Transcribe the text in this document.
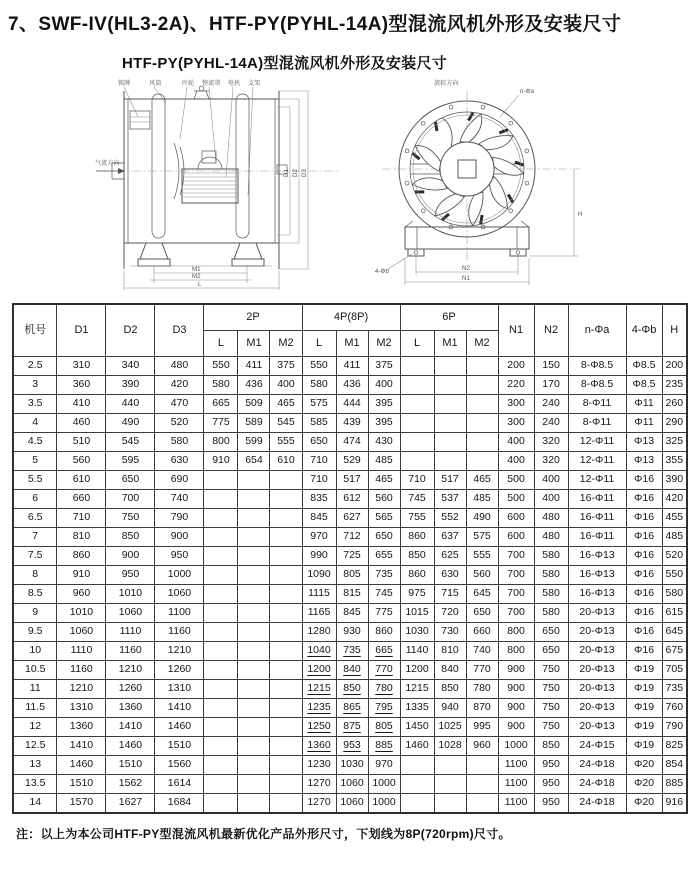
7、SWF-IV(HL3-2A)、HTF-PY(PYHL-14A)型混流风机外形及安装尺寸
HTF-PY(PYHL-14A)型混流风机外形及安装尺寸
铭牌	风筒	叶轮 整流罩 电机 支架
气流方向
D1 D2 D3
M1
M2
L
旋转方向
n-Φa
H
4-Φb	N2
N1
机号	D1	D2	D3	2P			4P(8P)			6P			N1	N2	n-Φa	4-Φb	H
				L	M1	M2	L	M1	M2	L	M1	M2					
2.5	310	340	480	550	411	375	550	411	375				200	150	8-Φ8.5	Φ8.5	200
3	360	390	420	580	436	400	580	436	400				220	170	8-Φ8.5	Φ8.5	235
3.5	410	440	470	665	509	465	575	444	395				300	240	8-Φ11	Φ11	260
4	460	490	520	775	589	545	585	439	395				300	240	8-Φ11	Φ11	290
4.5	510	545	580	800	599	555	650	474	430				400	320	12-Φ11	Φ13	325
5	560	595	630	910	654	610	710	529	485				400	320	12-Φ11	Φ13	355
5.5	610	650	690				710	517	465	710	517	465	500	400	12-Φ11	Φ16	390
6	660	700	740				835	612	560	745	537	485	500	400	16-Φ11	Φ16	420
6.5	710	750	790				845	627	565	755	552	490	600	480	16-Φ11	Φ16	455
7	810	850	900				970	712	650	860	637	575	600	480	16-Φ11	Φ16	485
7.5	860	900	950				990	725	655	850	625	555	700	580	16-Φ13	Φ16	520
8	910	950	1000				1090	805	735	860	630	560	700	580	16-Φ13	Φ16	550
8.5	960	1010	1060				1115	815	745	975	715	645	700	580	16-Φ13	Φ16	580
9	1010	1060	1100				1165	845	775	1015	720	650	700	580	20-Φ13	Φ16	615
9.5	1060	1110	1160				1280	930	860	1030	730	660	800	650	20-Φ13	Φ16	645
10	1110	1160	1210				1040	735	665	1140	810	740	800	650	20-Φ13	Φ16	675
10.5	1160	1210	1260				1200	840	770	1200	840	770	900	750	20-Φ13	Φ19	705
11	1210	1260	1310				1215	850	780	1215	850	780	900	750	20-Φ13	Φ19	735
11.5	1310	1360	1410				1235	865	795	1335	940	870	900	750	20-Φ13	Φ19	760
12	1360	1410	1460				1250	875	805	1450	1025	995	900	750	20-Φ13	Φ19	790
12.5	1410	1460	1510				1360	953	885	1460	1028	960	1000	850	24-Φ15	Φ19	825
13	1460	1510	1560				1230	1030	970				1100	950	24-Φ18	Φ20	854
13.5	1510	1562	1614				1270	1060	1000				1100	950	24-Φ18	Φ20	885
14	1570	1627	1684				1270	1060	1000				1100	950	24-Φ18	Φ20	916

注：以上为本公司HTF-PY型混流风机最新优化产品外形尺寸，下划线为8P(720rpm)尺寸。
